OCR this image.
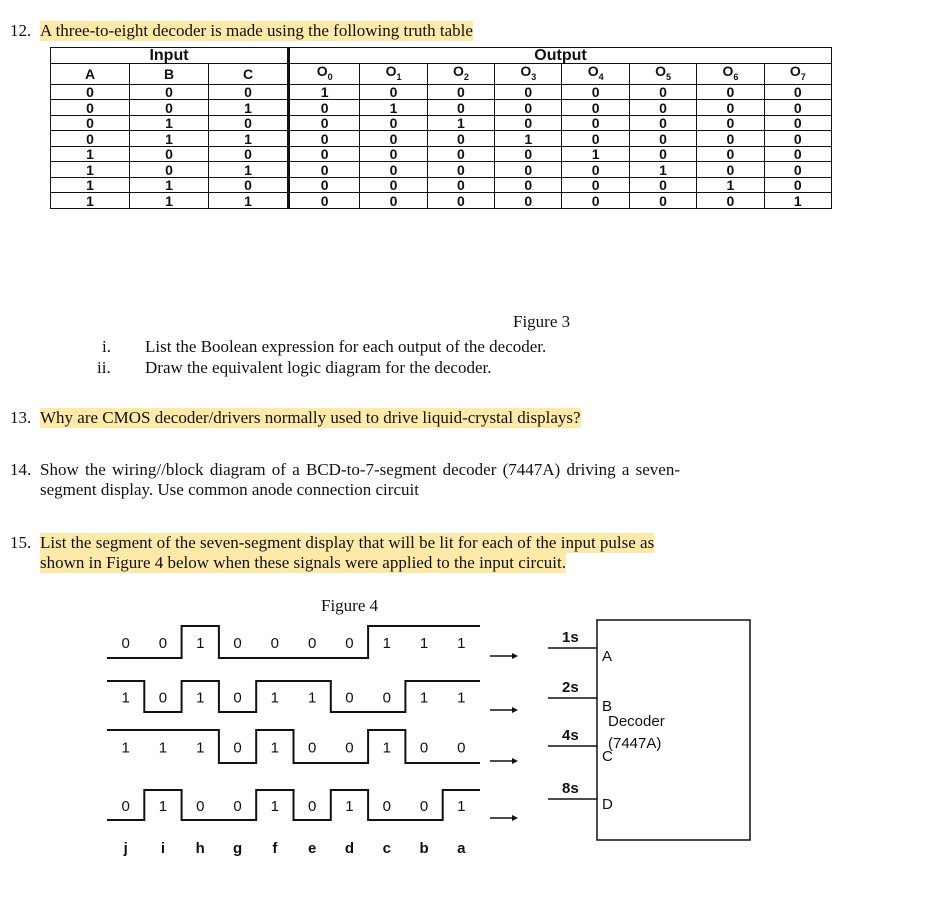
12. A three-to-eight decoder is made using the following truth table
Input			Output							
A	B	C	$O_0$	$O_1$	$O_2$	$O_3$	$O_4$	$O_5$	$O_6$	$O_7$
0	0	0	1	0	0	0	0	0	0	0
0	0	1	0	1	0	0	0	0	0	0
0	1	0	0	0	1	0	0	0	0	0
0	1	1	0	0	0	1	0	0	0	0
1	0	0	0	0	0	0	1	0	0	0
1	0	1	0	0	0	0	0	1	0	0
1	1	0	0	0	0	0	0	0	1	0
1	1	1	0	0	0	0	0	0	0	1
Figure 3
i. List the Boolean expression for each output of the decoder.
ii. Draw the equivalent logic diagram for the decoder.
13. Why are CMOS decoder/drivers normally used to drive liquid-crystal displays?
14. Show the wiring//block diagram of a BCD-to-7-segment decoder (7447A) driving a seven-
segment display. Use common anode connection circuit
15. List the segment of the seven-segment display that will be lit for each of the input pulse as
shown in Figure 4 below when these signals were applied to the input circuit.
Figure 4
Decoder
(7447A)
0 0 1 0 0 0 0 1 1 1	1s
A
1 0 1 0 1 1 0 0 1 1
2s
B
1 1 1 0 1 0 0 1 0 0
4s
C
0 1 0 0 1 0 1 0 0 1
8s
D
j i h g f e d c b a
